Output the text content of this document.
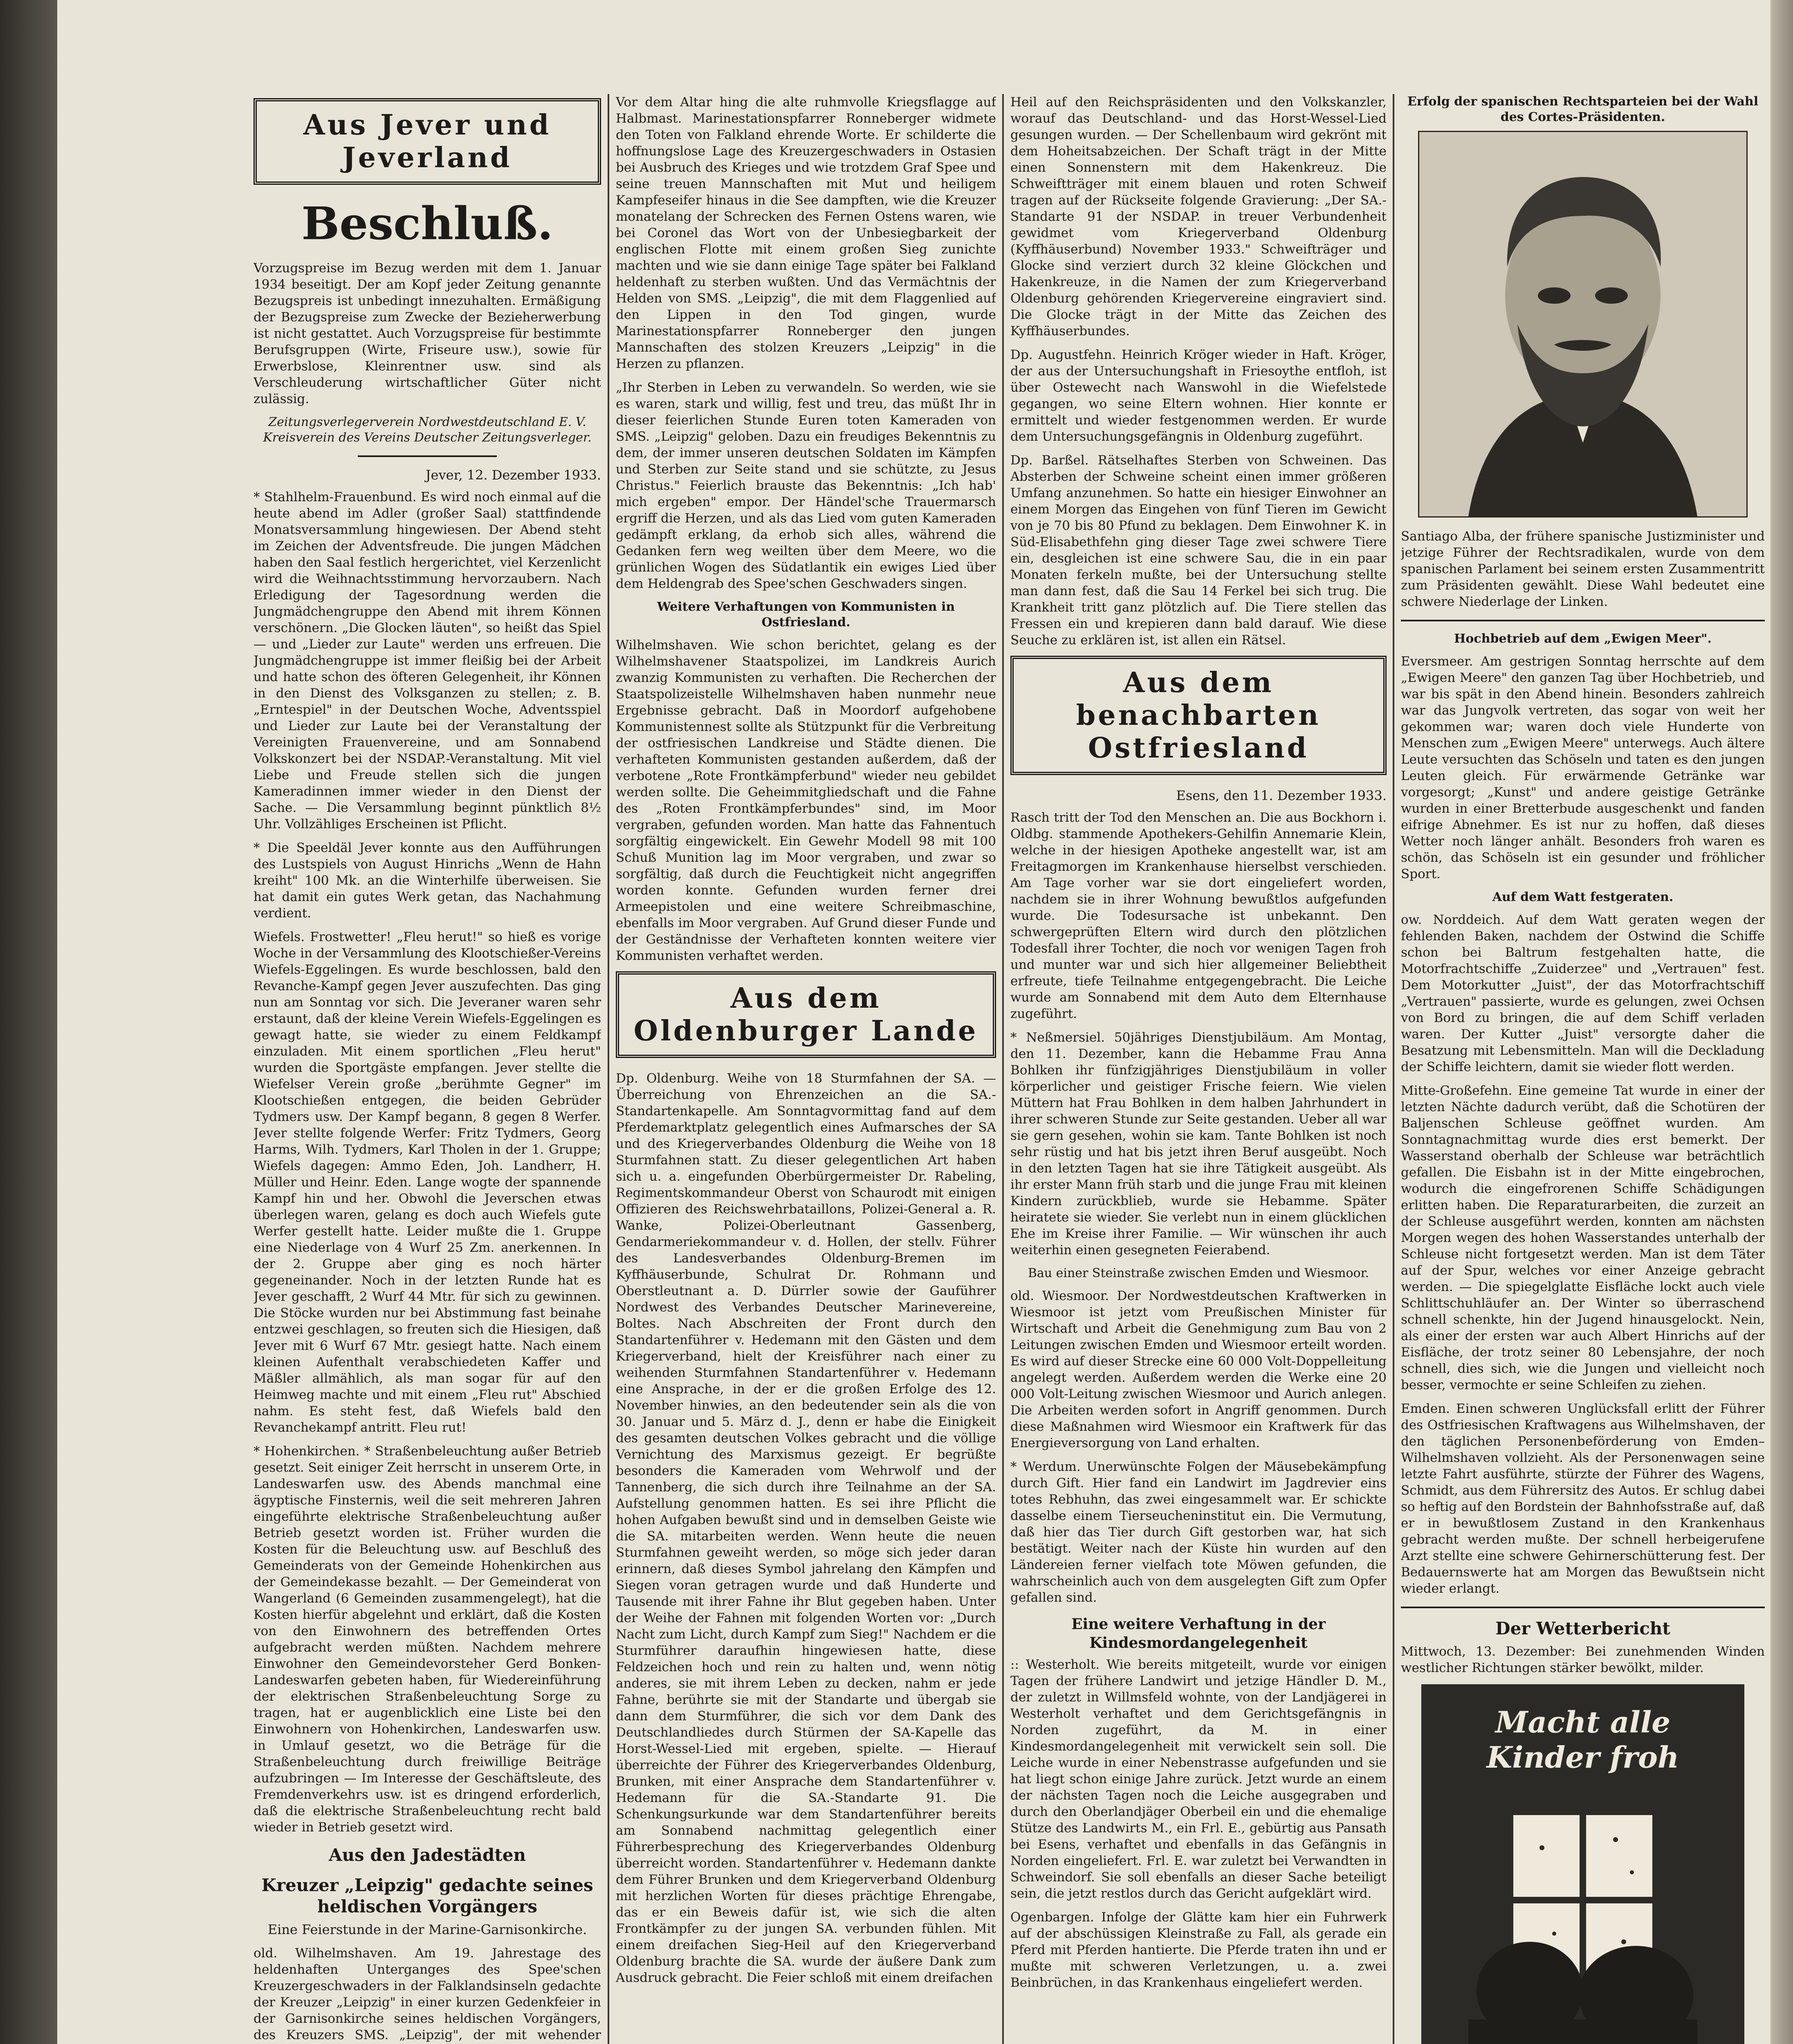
Aus Jever und Jeverland
Beschluß.

Vorzugspreise im Bezug werden mit dem 1. Januar 1934 beseitigt. Der am Kopf jeder Zeitung genannte Bezugspreis ist unbedingt innezuhalten. Ermäßigung der Bezugspreise zum Zwecke der Bezieherwerbung ist nicht gestattet. Auch Vorzugspreise für bestimmte Berufsgruppen (Wirte, Friseure usw.), sowie für Erwerbslose, Kleinrentner usw. sind als Verschleuderung wirtschaftlicher Güter nicht zulässig.

Zeitungsverlegerverein Nordwestdeutschland E. V.
Kreisverein des Vereins Deutscher Zeitungsverleger.
Jever, 12. Dezember 1933.

* Stahlhelm-Frauenbund. Es wird noch einmal auf die heute abend im Adler (großer Saal) stattfindende Monatsversammlung hingewiesen. Der Abend steht im Zeichen der Adventsfreude. Die jungen Mädchen haben den Saal festlich hergerichtet, viel Kerzenlicht wird die Weihnachtsstimmung hervorzaubern. Nach Erledigung der Tagesordnung werden die Jungmädchengruppe den Abend mit ihrem Können verschönern. „Die Glocken läuten", so heißt das Spiel — und „Lieder zur Laute" werden uns erfreuen. Die Jungmädchengruppe ist immer fleißig bei der Arbeit und hatte schon des öfteren Gelegenheit, ihr Können in den Dienst des Volksganzen zu stellen; z. B. „Erntespiel" in der Deutschen Woche, Adventsspiel und Lieder zur Laute bei der Veranstaltung der Vereinigten Frauenvereine, und am Sonnabend Volkskonzert bei der NSDAP.-Veranstaltung. Mit viel Liebe und Freude stellen sich die jungen Kameradinnen immer wieder in den Dienst der Sache. — Die Versammlung beginnt pünktlich 8½ Uhr. Vollzähliges Erscheinen ist Pflicht.

* Die Speeldäl Jever konnte aus den Aufführungen des Lustspiels von August Hinrichs „Wenn de Hahn kreiht" 100 Mk. an die Winterhilfe überweisen. Sie hat damit ein gutes Werk getan, das Nachahmung verdient.

Wiefels. Frostwetter! „Fleu herut!" so hieß es vorige Woche in der Versammlung des Klootschießer-Vereins Wiefels-Eggelingen. Es wurde beschlossen, bald den Revanche-Kampf gegen Jever auszufechten. Das ging nun am Sonntag vor sich. Die Jeveraner waren sehr erstaunt, daß der kleine Verein Wiefels-Eggelingen es gewagt hatte, sie wieder zu einem Feldkampf einzuladen. Mit einem sportlichen „Fleu herut" wurden die Sportgäste empfangen. Jever stellte die Wiefelser Verein große „berühmte Gegner" im Klootschießen entgegen, die beiden Gebrüder Tydmers usw. Der Kampf begann, 8 gegen 8 Werfer. Jever stellte folgende Werfer: Fritz Tydmers, Georg Harms, Wilh. Tydmers, Karl Tholen in der 1. Gruppe; Wiefels dagegen: Ammo Eden, Joh. Landherr, H. Müller und Heinr. Eden. Lange wogte der spannende Kampf hin und her. Obwohl die Jeverschen etwas überlegen waren, gelang es doch auch Wiefels gute Werfer gestellt hatte. Leider mußte die 1. Gruppe eine Niederlage von 4 Wurf 25 Zm. anerkennen. In der 2. Gruppe aber ging es noch härter gegeneinander. Noch in der letzten Runde hat es Jever geschafft, 2 Wurf 44 Mtr. für sich zu gewinnen. Die Stöcke wurden nur bei Abstimmung fast beinahe entzwei geschlagen, so freuten sich die Hiesigen, daß Jever mit 6 Wurf 67 Mtr. gesiegt hatte. Nach einem kleinen Aufenthalt verabschiedeten Kaffer und Mäßler allmählich, als man sogar für auf den Heimweg machte und mit einem „Fleu rut" Abschied nahm. Es steht fest, daß Wiefels bald den Revanchekampf antritt. Fleu rut!

* Hohenkirchen. * Straßenbeleuchtung außer Betrieb gesetzt. Seit einiger Zeit herrscht in unserem Orte, in Landeswarfen usw. des Abends manchmal eine ägyptische Finsternis, weil die seit mehreren Jahren eingeführte elektrische Straßenbeleuchtung außer Betrieb gesetzt worden ist. Früher wurden die Kosten für die Beleuchtung usw. auf Beschluß des Gemeinderats von der Gemeinde Hohenkirchen aus der Gemeindekasse bezahlt. — Der Gemeinderat von Wangerland (6 Gemeinden zusammengelegt), hat die Kosten hierfür abgelehnt und erklärt, daß die Kosten von den Einwohnern des betreffenden Ortes aufgebracht werden müßten. Nachdem mehrere Einwohner den Gemeindevorsteher Gerd Bonken-Landeswarfen gebeten haben, für Wiedereinführung der elektrischen Straßenbeleuchtung Sorge zu tragen, hat er augenblicklich eine Liste bei den Einwohnern von Hohenkirchen, Landeswarfen usw. in Umlauf gesetzt, wo die Beträge für die Straßenbeleuchtung durch freiwillige Beiträge aufzubringen — Im Interesse der Geschäftsleute, des Fremdenverkehrs usw. ist es dringend erforderlich, daß die elektrische Straßenbeleuchtung recht bald wieder in Betrieb gesetzt wird.

Aus den Jadestädten
Kreuzer „Leipzig" gedachte seines heldischen Vorgängers
Eine Feierstunde in der Marine-Garnisonkirche.

old. Wilhelmshaven. Am 19. Jahrestage des heldenhaften Unterganges des Spee'schen Kreuzergeschwaders in der Falklandsinseln gedachte der Kreuzer „Leipzig" in einer kurzen Gedenkfeier in der Garnisonkirche seines heldischen Vorgängers, des Kreuzers SMS. „Leipzig", der mit wehender

Vor dem Altar hing die alte ruhmvolle Kriegsflagge auf Halbmast. Marinestationspfarrer Ronneberger widmete den Toten von Falkland ehrende Worte. Er schilderte die hoffnungslose Lage des Kreuzergeschwaders in Ostasien bei Ausbruch des Krieges und wie trotzdem Graf Spee und seine treuen Mannschaften mit Mut und heiligem Kampfeseifer hinaus in die See dampften, wie die Kreuzer monatelang der Schrecken des Fernen Ostens waren, wie bei Coronel das Wort von der Unbesiegbarkeit der englischen Flotte mit einem großen Sieg zunichte machten und wie sie dann einige Tage später bei Falkland heldenhaft zu sterben wußten. Und das Vermächtnis der Helden von SMS. „Leipzig", die mit dem Flaggenlied auf den Lippen in den Tod gingen, wurde Marinestationspfarrer Ronneberger den jungen Mannschaften des stolzen Kreuzers „Leipzig" in die Herzen zu pflanzen.

„Ihr Sterben in Leben zu verwandeln. So werden, wie sie es waren, stark und willig, fest und treu, das müßt Ihr in dieser feierlichen Stunde Euren toten Kameraden von SMS. „Leipzig" geloben. Dazu ein freudiges Bekenntnis zu dem, der immer unseren deutschen Soldaten im Kämpfen und Sterben zur Seite stand und sie schützte, zu Jesus Christus." Feierlich brauste das Bekenntnis: „Ich hab' mich ergeben" empor. Der Händel'sche Trauermarsch ergriff die Herzen, und als das Lied vom guten Kameraden gedämpft erklang, da erhob sich alles, während die Gedanken fern weg weilten über dem Meere, wo die grünlichen Wogen des Südatlantik ein ewiges Lied über dem Heldengrab des Spee'schen Geschwaders singen.

Weitere Verhaftungen von Kommunisten in Ostfriesland.

Wilhelmshaven. Wie schon berichtet, gelang es der Wilhelmshavener Staatspolizei, im Landkreis Aurich zwanzig Kommunisten zu verhaften. Die Recherchen der Staatspolizeistelle Wilhelmshaven haben nunmehr neue Ergebnisse gebracht. Daß in Moordorf aufgehobene Kommunistennest sollte als Stützpunkt für die Verbreitung der ostfriesischen Landkreise und Städte dienen. Die verhafteten Kommunisten gestanden außerdem, daß der verbotene „Rote Frontkämpferbund" wieder neu gebildet werden sollte. Die Geheimmitgliedschaft und die Fahne des „Roten Frontkämpferbundes" sind, im Moor vergraben, gefunden worden. Man hatte das Fahnentuch sorgfältig eingewickelt. Ein Gewehr Modell 98 mit 100 Schuß Munition lag im Moor vergraben, und zwar so sorgfältig, daß durch die Feuchtigkeit nicht angegriffen worden konnte. Gefunden wurden ferner drei Armeepistolen und eine weitere Schreibmaschine, ebenfalls im Moor vergraben. Auf Grund dieser Funde und der Geständnisse der Verhafteten konnten weitere vier Kommunisten verhaftet werden.

Aus dem Oldenburger Lande

Dp. Oldenburg. Weihe von 18 Sturmfahnen der SA. — Überreichung von Ehrenzeichen an die SA.-Standartenkapelle. Am Sonntagvormittag fand auf dem Pferdemarktplatz gelegentlich eines Aufmarsches der SA und des Kriegerverbandes Oldenburg die Weihe von 18 Sturmfahnen statt. Zu dieser gelegentlichen Art haben sich u. a. eingefunden Oberbürgermeister Dr. Rabeling, Regimentskommandeur Oberst von Schaurodt mit einigen Offizieren des Reichswehrbataillons, Polizei-General a. R. Wanke, Polizei-Oberleutnant Gassenberg, Gendarmeriekommandeur v. d. Hollen, der stellv. Führer des Landesverbandes Oldenburg-Bremen im Kyffhäuserbunde, Schulrat Dr. Rohmann und Oberstleutnant a. D. Dürrler sowie der Gauführer Nordwest des Verbandes Deutscher Marinevereine, Boltes. Nach Abschreiten der Front durch den Standartenführer v. Hedemann mit den Gästen und dem Kriegerverband, hielt der Kreisführer nach einer zu weihenden Sturmfahnen Standartenführer v. Hedemann eine Ansprache, in der er die großen Erfolge des 12. November hinwies, an den bedeutender sein als die von 30. Januar und 5. März d. J., denn er habe die Einigkeit des gesamten deutschen Volkes gebracht und die völlige Vernichtung des Marxismus gezeigt. Er begrüßte besonders die Kameraden vom Wehrwolf und der Tannenberg, die sich durch ihre Teilnahme an der SA. Aufstellung genommen hatten. Es sei ihre Pflicht die hohen Aufgaben bewußt sind und in demselben Geiste wie die SA. mitarbeiten werden. Wenn heute die neuen Sturmfahnen geweiht werden, so möge sich jeder daran erinnern, daß dieses Symbol jahrelang den Kämpfen und Siegen voran getragen wurde und daß Hunderte und Tausende mit ihrer Fahne ihr Blut gegeben haben. Unter der Weihe der Fahnen mit folgenden Worten vor: „Durch Nacht zum Licht, durch Kampf zum Sieg!" Nachdem er die Sturmführer daraufhin hingewiesen hatte, diese Feldzeichen hoch und rein zu halten und, wenn nötig anderes, sie mit ihrem Leben zu decken, nahm er jede Fahne, berührte sie mit der Standarte und übergab sie dann dem Sturmführer, die sich vor dem Dank des Deutschlandliedes durch Stürmen der SA-Kapelle das Horst-Wessel-Lied mit ergeben, spielte. — Hierauf überreichte der Führer des Kriegerverbandes Oldenburg, Brunken, mit einer Ansprache dem Standartenführer v. Hedemann für die SA.-Standarte 91. Die Schenkungsurkunde war dem Standartenführer bereits am Sonnabend nachmittag gelegentlich einer Führerbesprechung des Kriegerverbandes Oldenburg überreicht worden. Standartenführer v. Hedemann dankte dem Führer Brunken und dem Kriegerverband Oldenburg mit herzlichen Worten für dieses prächtige Ehrengabe, das er ein Beweis dafür ist, wie sich die alten Frontkämpfer zu der jungen SA. verbunden fühlen. Mit einem dreifachen Sieg-Heil auf den Kriegerverband Oldenburg brachte die SA. wurde der äußere Dank zum Ausdruck gebracht. Die Feier schloß mit einem dreifachen

Heil auf den Reichspräsidenten und den Volkskanzler, worauf das Deutschland- und das Horst-Wessel-Lied gesungen wurden. — Der Schellenbaum wird gekrönt mit dem Hoheitsabzeichen. Der Schaft trägt in der Mitte einen Sonnenstern mit dem Hakenkreuz. Die Schweiftträger mit einem blauen und roten Schweif tragen auf der Rückseite folgende Gravierung: „Der SA.-Standarte 91 der NSDAP. in treuer Verbundenheit gewidmet vom Kriegerverband Oldenburg (Kyffhäuserbund) November 1933." Schweifträger und Glocke sind verziert durch 32 kleine Glöckchen und Hakenkreuze, in die Namen der zum Kriegerverband Oldenburg gehörenden Kriegervereine eingraviert sind. Die Glocke trägt in der Mitte das Zeichen des Kyffhäuserbundes.

Dp. Augustfehn. Heinrich Kröger wieder in Haft. Kröger, der aus der Untersuchungshaft in Friesoythe entfloh, ist über Ostewecht nach Wanswohl in die Wiefelstede gegangen, wo seine Eltern wohnen. Hier konnte er ermittelt und wieder festgenommen werden. Er wurde dem Untersuchungsgefängnis in Oldenburg zugeführt.

Dp. Barßel. Rätselhaftes Sterben von Schweinen. Das Absterben der Schweine scheint einen immer größeren Umfang anzunehmen. So hatte ein hiesiger Einwohner an einem Morgen das Eingehen von fünf Tieren im Gewicht von je 70 bis 80 Pfund zu beklagen. Dem Einwohner K. in Süd-Elisabethfehn ging dieser Tage zwei schwere Tiere ein, desgleichen ist eine schwere Sau, die in ein paar Monaten ferkeln mußte, bei der Untersuchung stellte man dann fest, daß die Sau 14 Ferkel bei sich trug. Die Krankheit tritt ganz plötzlich auf. Die Tiere stellen das Fressen ein und krepieren dann bald darauf. Wie diese Seuche zu erklären ist, ist allen ein Rätsel.

Aus dem benachbarten Ostfriesland
Esens, den 11. Dezember 1933.

Rasch tritt der Tod den Menschen an. Die aus Bockhorn i. Oldbg. stammende Apothekers-Gehilfin Annemarie Klein, welche in der hiesigen Apotheke angestellt war, ist am Freitagmorgen im Krankenhause hierselbst verschieden. Am Tage vorher war sie dort eingeliefert worden, nachdem sie in ihrer Wohnung bewußtlos aufgefunden wurde. Die Todesursache ist unbekannt. Den schwergeprüften Eltern wird durch den plötzlichen Todesfall ihrer Tochter, die noch vor wenigen Tagen froh und munter war und sich hier allgemeiner Beliebtheit erfreute, tiefe Teilnahme entgegengebracht. Die Leiche wurde am Sonnabend mit dem Auto dem Elternhause zugeführt.

* Neßmersiel. 50jähriges Dienstjubiläum. Am Montag, den 11. Dezember, kann die Hebamme Frau Anna Bohlken ihr fünfzigjähriges Dienstjubiläum in voller körperlicher und geistiger Frische feiern. Wie vielen Müttern hat Frau Bohlken in dem halben Jahrhundert in ihrer schweren Stunde zur Seite gestanden. Ueber all war sie gern gesehen, wohin sie kam. Tante Bohlken ist noch sehr rüstig und hat bis jetzt ihren Beruf ausgeübt. Noch in den letzten Tagen hat sie ihre Tätigkeit ausgeübt. Als ihr erster Mann früh starb und die junge Frau mit kleinen Kindern zurückblieb, wurde sie Hebamme. Später heiratete sie wieder. Sie verlebt nun in einem glücklichen Ehe im Kreise ihrer Familie. — Wir wünschen ihr auch weiterhin einen gesegneten Feierabend.

Bau einer Steinstraße zwischen Emden und Wiesmoor.

old. Wiesmoor. Der Nordwestdeutschen Kraftwerken in Wiesmoor ist jetzt vom Preußischen Minister für Wirtschaft und Arbeit die Genehmigung zum Bau von 2 Leitungen zwischen Emden und Wiesmoor erteilt worden. Es wird auf dieser Strecke eine 60 000 Volt-Doppelleitung angelegt werden. Außerdem werden die Werke eine 20 000 Volt-Leitung zwischen Wiesmoor und Aurich anlegen. Die Arbeiten werden sofort in Angriff genommen. Durch diese Maßnahmen wird Wiesmoor ein Kraftwerk für das Energieversorgung von Land erhalten.

* Werdum. Unerwünschte Folgen der Mäusebekämpfung durch Gift. Hier fand ein Landwirt im Jagdrevier eins totes Rebhuhn, das zwei eingesammelt war. Er schickte dasselbe einem Tierseucheninstitut ein. Die Vermutung, daß hier das Tier durch Gift gestorben war, hat sich bestätigt. Weiter nach der Küste hin wurden auf den Ländereien ferner vielfach tote Möwen gefunden, die wahrscheinlich auch von dem ausgelegten Gift zum Opfer gefallen sind.

Eine weitere Verhaftung in der Kindesmordangelegenheit

:: Westerholt. Wie bereits mitgeteilt, wurde vor einigen Tagen der frühere Landwirt und jetzige Händler D. M., der zuletzt in Willmsfeld wohnte, von der Landjägerei in Westerholt verhaftet und dem Gerichtsgefängnis in Norden zugeführt, da M. in einer Kindesmordangelegenheit mit verwickelt sein soll. Die Leiche wurde in einer Nebenstrasse aufgefunden und sie hat liegt schon einige Jahre zurück. Jetzt wurde an einem der nächsten Tagen noch die Leiche ausgegraben und durch den Oberlandjäger Oberbeil ein und die ehemalige Stütze des Landwirts M., ein Frl. E., gebürtig aus Pansath bei Esens, verhaftet und ebenfalls in das Gefängnis in Norden eingeliefert. Frl. E. war zuletzt bei Verwandten in Schweindorf. Sie soll ebenfalls an dieser Sache beteiligt sein, die jetzt restlos durch das Gericht aufgeklärt wird.

Ogenbargen. Infolge der Glätte kam hier ein Fuhrwerk auf der abschüssigen Kleinstraße zu Fall, als gerade ein Pferd mit Pferden hantierte. Die Pferde traten ihn und er mußte mit schweren Verletzungen, u. a. zwei Beinbrüchen, in das Krankenhaus eingeliefert werden.

Erfolg der spanischen Rechtsparteien bei der Wahl des Cortes-Präsidenten.

Santiago Alba, der frühere spanische Justizminister und jetzige Führer der Rechtsradikalen, wurde von dem spanischen Parlament bei seinem ersten Zusammentritt zum Präsidenten gewählt. Diese Wahl bedeutet eine schwere Niederlage der Linken.

Hochbetrieb auf dem „Ewigen Meer".

Eversmeer. Am gestrigen Sonntag herrschte auf dem „Ewigen Meere" den ganzen Tag über Hochbetrieb, und war bis spät in den Abend hinein. Besonders zahlreich war das Jungvolk vertreten, das sogar von weit her gekommen war; waren doch viele Hunderte von Menschen zum „Ewigen Meere" unterwegs. Auch ältere Leute versuchten das Schöseln und taten es den jungen Leuten gleich. Für erwärmende Getränke war vorgesorgt; „Kunst" und andere geistige Getränke wurden in einer Bretterbude ausgeschenkt und fanden eifrige Abnehmer. Es ist nur zu hoffen, daß dieses Wetter noch länger anhält. Besonders froh waren es schön, das Schöseln ist ein gesunder und fröhlicher Sport.

Auf dem Watt festgeraten.

ow. Norddeich. Auf dem Watt geraten wegen der fehlenden Baken, nachdem der Ostwind die Schiffe schon bei Baltrum festgehalten hatte, die Motorfrachtschiffe „Zuiderzee" und „Vertrauen" fest. Dem Motorkutter „Juist", der das Motorfrachtschiff „Vertrauen" passierte, wurde es gelungen, zwei Ochsen von Bord zu bringen, die auf dem Schiff verladen waren. Der Kutter „Juist" versorgte daher die Besatzung mit Lebensmitteln. Man will die Deckladung der Schiffe leichtern, damit sie wieder flott werden.

Mitte-Großefehn. Eine gemeine Tat wurde in einer der letzten Nächte dadurch verübt, daß die Schotüren der Baljenschen Schleuse geöffnet wurden. Am Sonntagnachmittag wurde dies erst bemerkt. Der Wasserstand oberhalb der Schleuse war beträchtlich gefallen. Die Eisbahn ist in der Mitte eingebrochen, wodurch die eingefrorenen Schiffe Schädigungen erlitten haben. Die Reparaturarbeiten, die zurzeit an der Schleuse ausgeführt werden, konnten am nächsten Morgen wegen des hohen Wasserstandes unterhalb der Schleuse nicht fortgesetzt werden. Man ist dem Täter auf der Spur, welches vor einer Anzeige gebracht werden. — Die spiegelglatte Eisfläche lockt auch viele Schlittschuhläufer an. Der Winter so überraschend schnell schenkte, hin der Jugend hinausgelockt. Nein, als einer der ersten war auch Albert Hinrichs auf der Eisfläche, der trotz seiner 80 Lebensjahre, der noch schnell, dies sich, wie die Jungen und vielleicht noch besser, vermochte er seine Schleifen zu ziehen.

Emden. Einen schweren Unglücksfall erlitt der Führer des Ostfriesischen Kraftwagens aus Wilhelmshaven, der den täglichen Personenbeförderung von Emden–Wilhelmshaven vollzieht. Als der Personenwagen seine letzte Fahrt ausführte, stürzte der Führer des Wagens, Schmidt, aus dem Führersitz des Autos. Er schlug dabei so heftig auf den Bordstein der Bahnhofsstraße auf, daß er in bewußtlosem Zustand in den Krankenhaus gebracht werden mußte. Der schnell herbeigerufene Arzt stellte eine schwere Gehirnerschütterung fest. Der Bedauernswerte hat am Morgen das Bewußtsein nicht wieder erlangt.

Der Wetterbericht

Mittwoch, 13. Dezember: Bei zunehmenden Winden westlicher Richtungen stärker bewölkt, milder.

Macht alle Kinder froh
